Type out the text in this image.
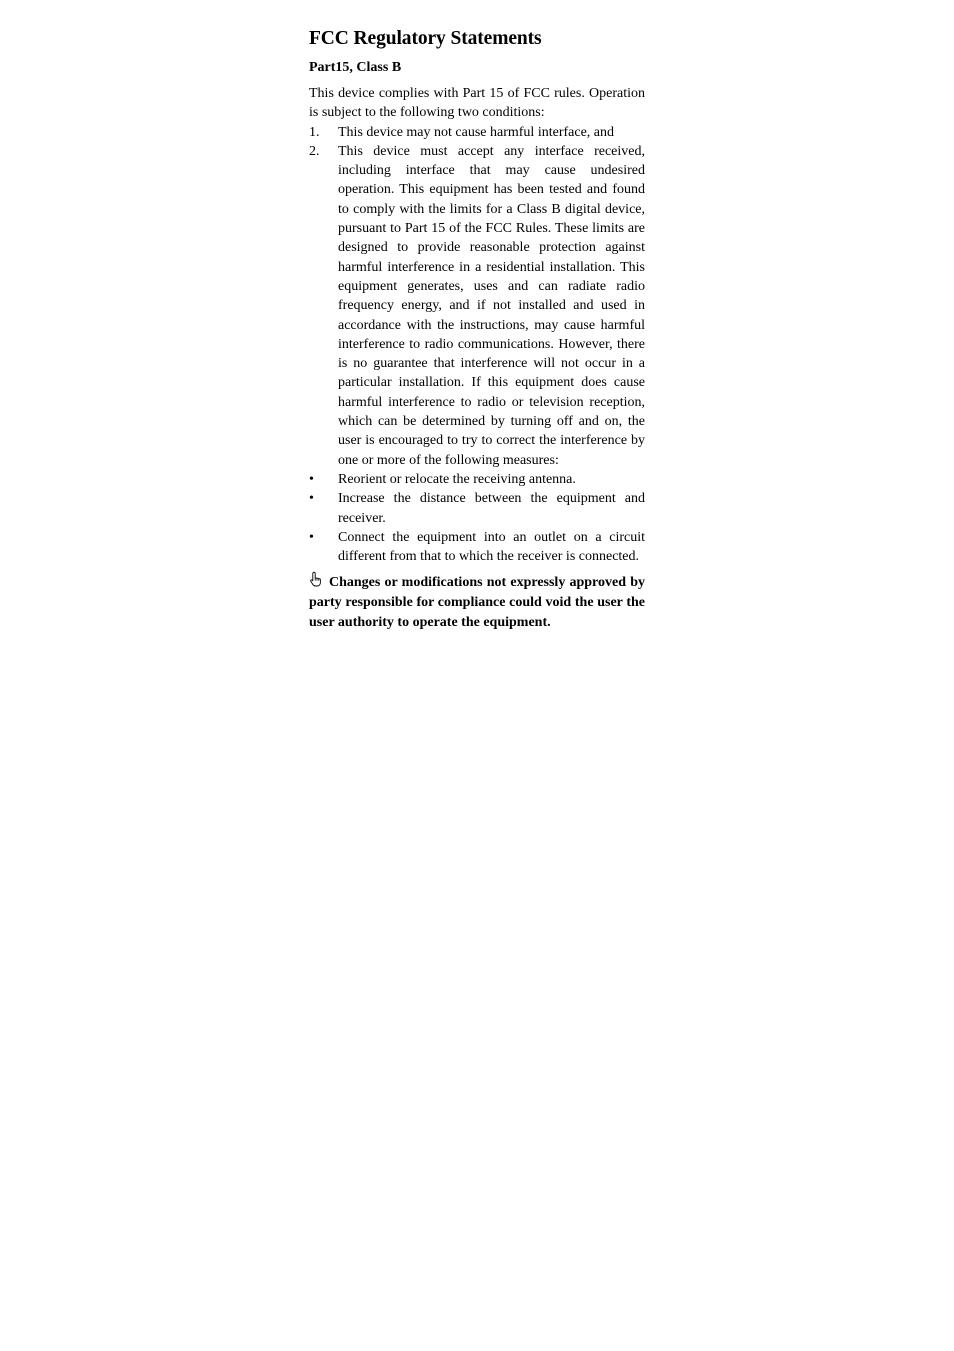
FCC Regulatory Statements
Part15, Class B

This device complies with Part 15 of FCC rules. Operation is subject to the following two conditions:

1. This device may not cause harmful interface, and
2. This device must accept any interface received, including interface that may cause undesired operation. This equipment has been tested and found to comply with the limits for a Class B digital device, pursuant to Part 15 of the FCC Rules. These limits are designed to provide reasonable protection against harmful interference in a residential installation. This equipment generates, uses and can radiate radio frequency energy, and if not installed and used in accordance with the instructions, may cause harmful interference to radio communications. However, there is no guarantee that interference will not occur in a particular installation. If this equipment does cause harmful interference to radio or television reception, which can be determined by turning off and on, the user is encouraged to try to correct the interference by one or more of the following measures:
• Reorient or relocate the receiving antenna.
• Increase the distance between the equipment and receiver.
• Connect the equipment into an outlet on a circuit different from that to which the receiver is connected.
Changes or modifications not expressly approved by party responsible for compliance could void the user the user authority to operate the equipment.
